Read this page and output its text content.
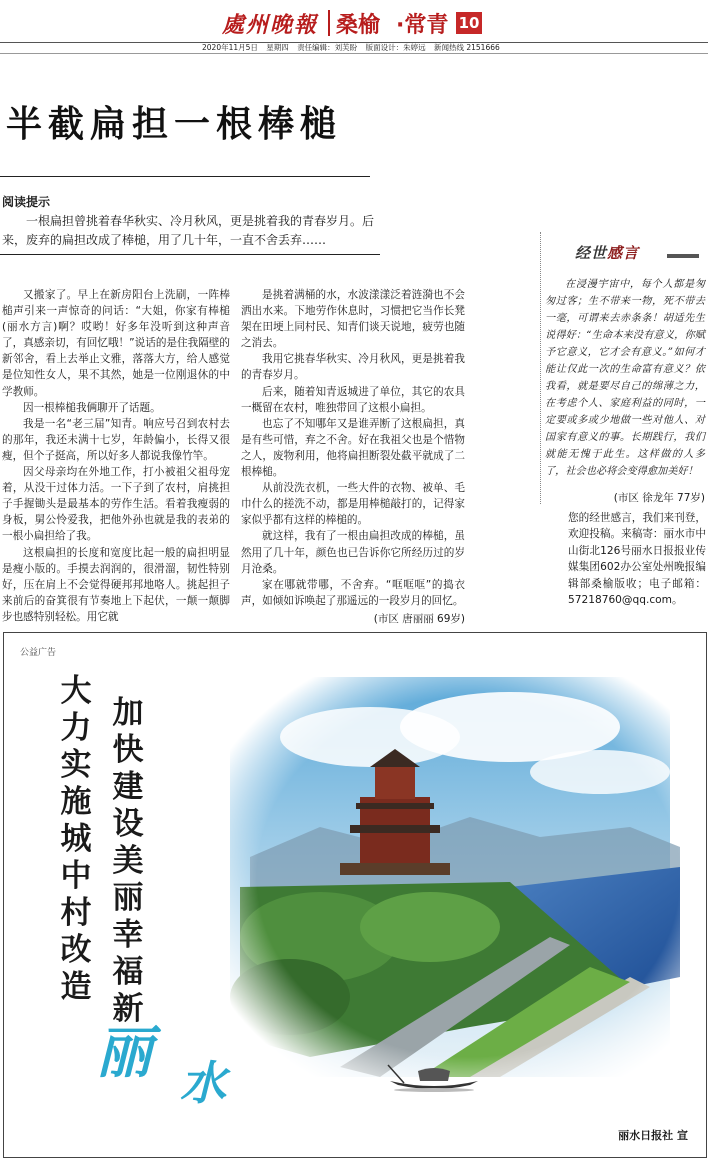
處州晚報 桑榆 ·常青 10
2020年11月5日 星期四 责任编辑：刘芙盼 版面设计：朱婷远 新闻热线 2151666
半截扁担一根棒槌
阅读提示
一根扁担曾挑着春华秋实、冷月秋风，更是挑着我的青春岁月。后来，废弃的扁担改成了棒槌，用了几十年，一直不舍丢弃……

又搬家了。早上在新房阳台上洗刷，一阵棒槌声引来一声惊奇的问话：“大姐，你家有棒槌(丽水方言)啊？哎哟！好多年没听到这种声音了，真感亲切，有回忆哦！”说话的是住我隔壁的新邻舍，看上去举止文雅，落落大方，给人感觉是位知性女人，果不其然，她是一位刚退休的中学教师。

因一根棒槌我俩聊开了话题。

我是一名“老三届”知青。响应号召到农村去的那年，我还未满十七岁，年龄偏小，长得又很瘦，但个子挺高，所以好多人都说我像竹竿。

因父母亲均在外地工作，打小被祖父祖母宠着，从没干过体力活。一下子到了农村，肩挑担子手握锄头是最基本的劳作生活。看着我瘦弱的身板，舅公怜爱我，把他外孙也就是我的表弟的一根小扁担给了我。

这根扁担的长度和宽度比起一般的扁担明显是瘦小版的。手摸去润润的，很滑溜，韧性特别好，压在肩上不会觉得硬邦邦地咯人。挑起担子来前后的奋箕很有节奏地上下起伏，一颠一颠脚步也感特别轻松。用它就

是挑着满桶的水，水波漾漾泛着涟漪也不会洒出水来。下地劳作休息时，习惯把它当作长凳架在田埂上同村民、知青们谈天说地，疲劳也随之消去。

我用它挑春华秋实、冷月秋风，更是挑着我的青春岁月。

后来，随着知青返城进了单位，其它的农具一概留在农村，唯独带回了这根小扁担。

也忘了不知哪年又是谁弄断了这根扁担，真是有些可惜，弃之不舍。好在我祖父也是个惜物之人，废物利用，他将扁担断裂处截平就成了二根棒槌。

从前没洗衣机，一些大件的衣物、被单、毛巾什么的搓洗不动，都是用棒槌敲打的，记得家家似乎都有这样的棒槌的。

就这样，我有了一根由扁担改成的棒槌，虽然用了几十年，颜色也已告诉你它所经历过的岁月沧桑。

家在哪就带哪，不舍弃。“哐哐哐”的捣衣声，如倾如诉唤起了那遥远的一段岁月的回忆。

(市区 唐丽丽 69岁)

经世感言
在浸漫宇宙中，每个人都是匆匆过客；生不带来一物，死不带去一毫，可谓来去赤条条！胡适先生说得好：“生命本来没有意义，你赋予它意义，它才会有意义。”如何才能让仅此一次的生命富有意义？依我看，就是要尽自己的绵薄之力，在考虑个人、家庭利益的同时，一定要或多或少地做一些对他人、对国家有意义的事。长期践行，我们就能无愧于此生。这样做的人多了，社会也必将会变得愈加美好！
(市区 徐龙年 77岁)
您的经世感言，我们来刊登，欢迎投稿。来稿寄：丽水市中山街北126号丽水日报报业传媒集团602办公室处州晚报编辑部桑榆版收；电子邮箱：57218760@qq.com。
公益广告
大力实施城中村改造
加快建设美丽幸福新
丽 水
丽水日报社 宣
